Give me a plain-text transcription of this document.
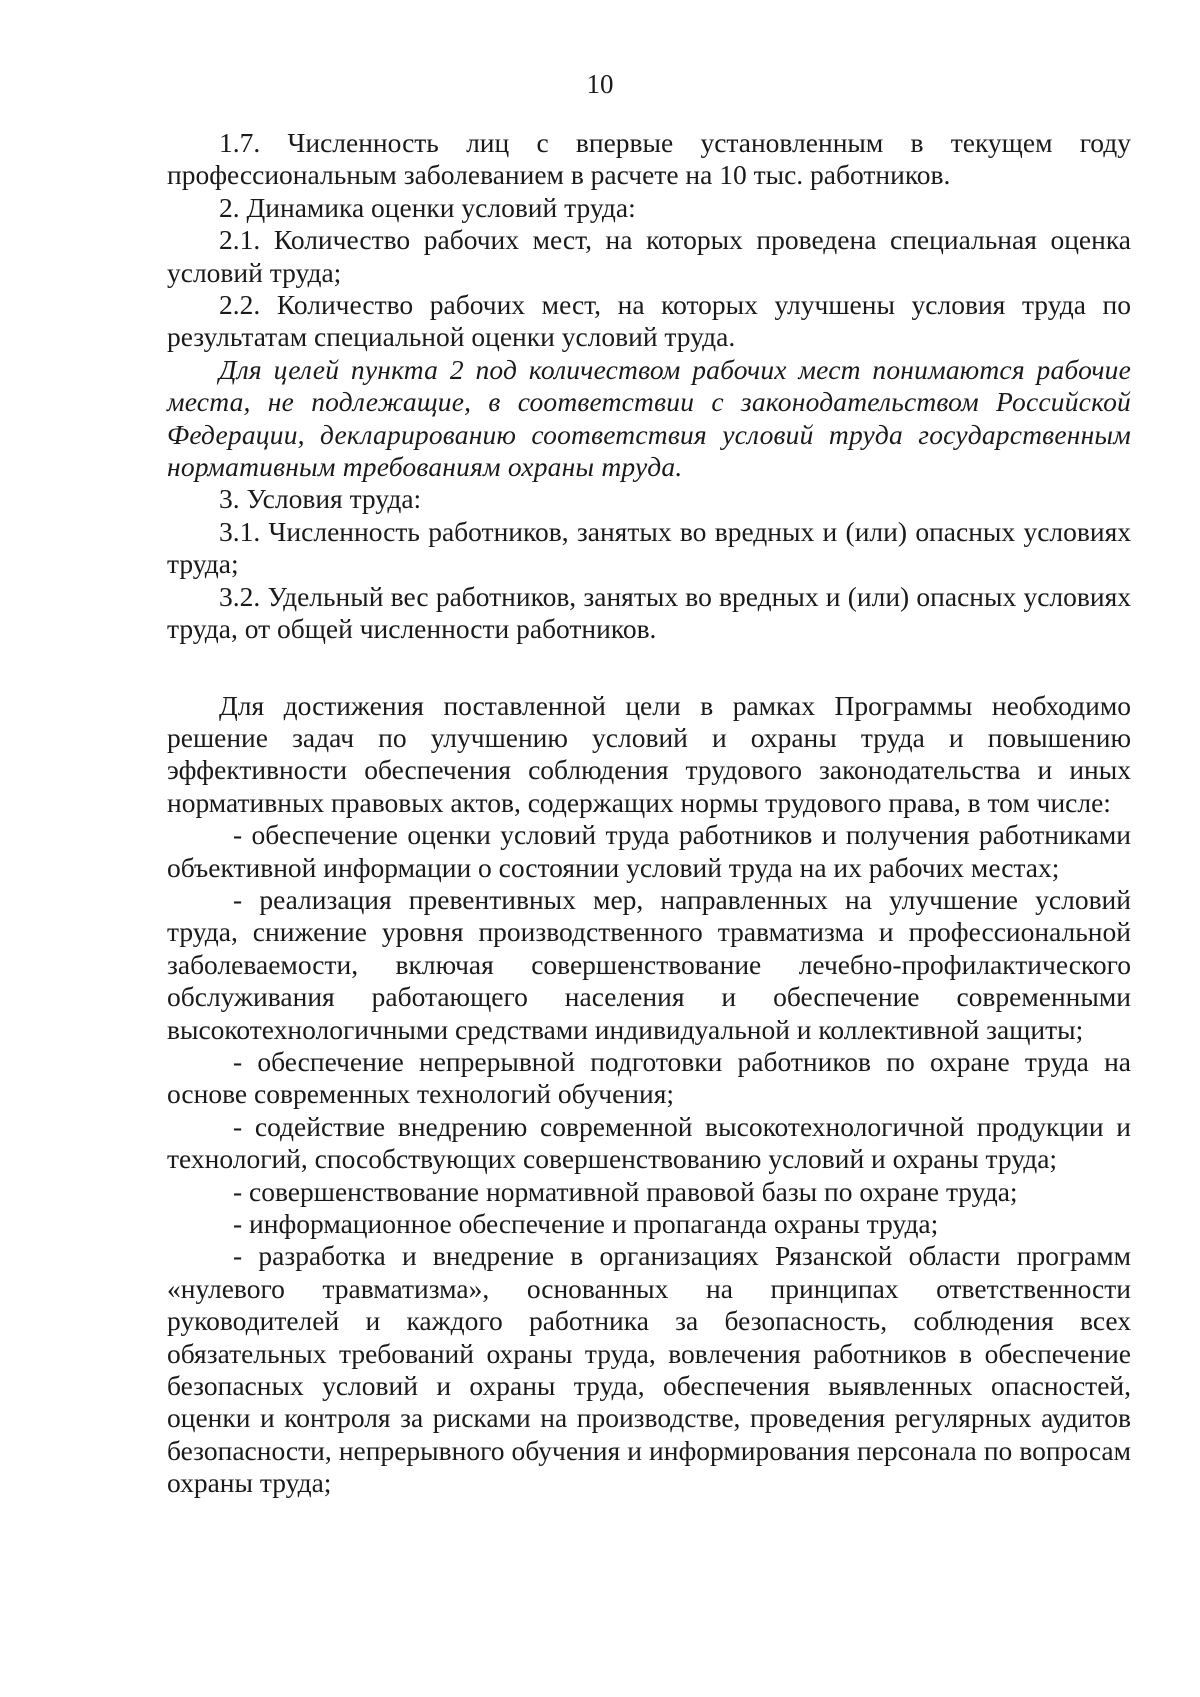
10

1.7. Численность лиц с впервые установленным в текущем году профессиональным заболеванием в расчете на 10 тыс. работников.

2. Динамика оценки условий труда:

2.1. Количество рабочих мест, на которых проведена специальная оценка условий труда;

2.2. Количество рабочих мест, на которых улучшены условия труда по результатам специальной оценки условий труда.

Для целей пункта 2 под количеством рабочих мест понимаются рабочие места, не подлежащие, в соответствии с законодательством Российской Федерации, декларированию соответствия условий труда государственным нормативным требованиям охраны труда.

3. Условия труда:

3.1. Численность работников, занятых во вредных и (или) опасных условиях труда;

3.2. Удельный вес работников, занятых во вредных и (или) опасных условиях труда, от общей численности работников.

Для достижения поставленной цели в рамках Программы необходимо решение задач по улучшению условий и охраны труда и повышению эффективности обеспечения соблюдения трудового законодательства и иных нормативных правовых актов, содержащих нормы трудового права, в том числе:

- обеспечение оценки условий труда работников и получения работниками объективной информации о состоянии условий труда на их рабочих местах;

- реализация превентивных мер, направленных на улучшение условий труда, снижение уровня производственного травматизма и профессиональной заболеваемости, включая совершенствование лечебно-профилактического обслуживания работающего населения и обеспечение современными высокотехнологичными средствами индивидуальной и коллективной защиты;

- обеспечение непрерывной подготовки работников по охране труда на основе современных технологий обучения;

- содействие внедрению современной высокотехнологичной продукции и технологий, способствующих совершенствованию условий и охраны труда;

- совершенствование нормативной правовой базы по охране труда;

- информационное обеспечение и пропаганда охраны труда;

- разработка и внедрение в организациях Рязанской области программ «нулевого травматизма», основанных на принципах ответственности руководителей и каждого работника за безопасность, соблюдения всех обязательных требований охраны труда, вовлечения работников в обеспечение безопасных условий и охраны труда, обеспечения выявленных опасностей, оценки и контроля за рисками на производстве, проведения регулярных аудитов безопасности, непрерывного обучения и информирования персонала по вопросам охраны труда;
